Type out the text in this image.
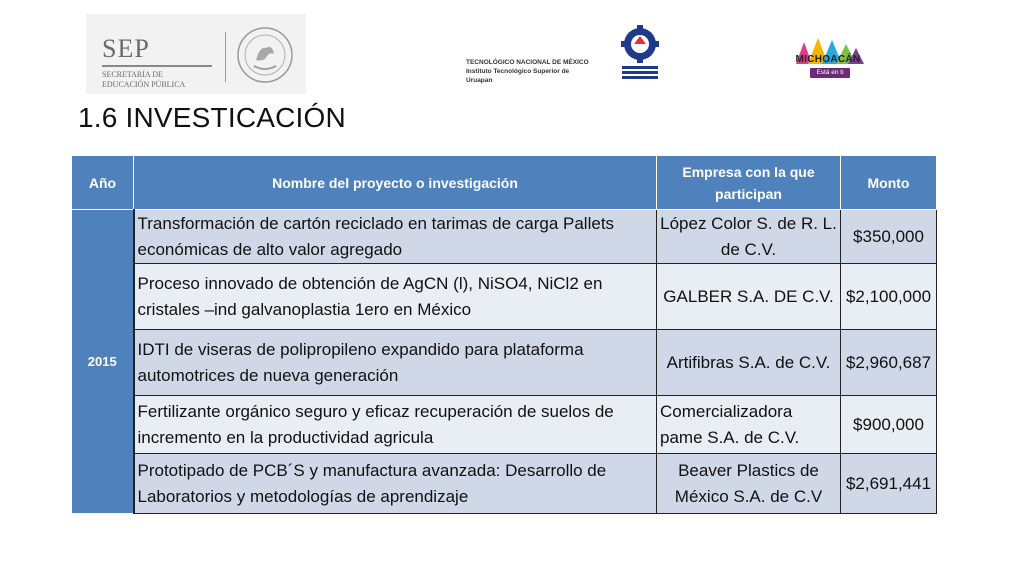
SEP
SECRETARÍA DE
EDUCACIÓN PÚBLICA
TECNOLÓGICO NACIONAL DE MÉXICO
Instituto Tecnológico Superior de Uruapan
MICHOACÁN
Está en ti
1.6 INVESTICACIÓN
Año	Nombre del proyecto o investigación	Empresa con la que participan	Monto
2015	Transformación de cartón reciclado en tarimas de carga Pallets económicas de alto valor agregado	López Color S. de R. L. de C.V.	$350,000
	Proceso innovado de obtención de AgCN (l), NiSO4, NiCl2 en cristales –ind galvanoplastia 1ero en México	GALBER S.A. DE C.V.	$2,100,000
	IDTI de viseras de polipropileno expandido para plataforma automotrices de nueva generación	Artifibras S.A. de C.V.	$2,960,687
	Fertilizante orgánico seguro y eficaz recuperación de suelos de incremento en la productividad agricula	Comercializadora pame S.A. de C.V.	$900,000
	Prototipado de PCB´S y manufactura avanzada: Desarrollo de Laboratorios y metodologías de aprendizaje	Beaver Plastics de México S.A. de C.V	$2,691,441
